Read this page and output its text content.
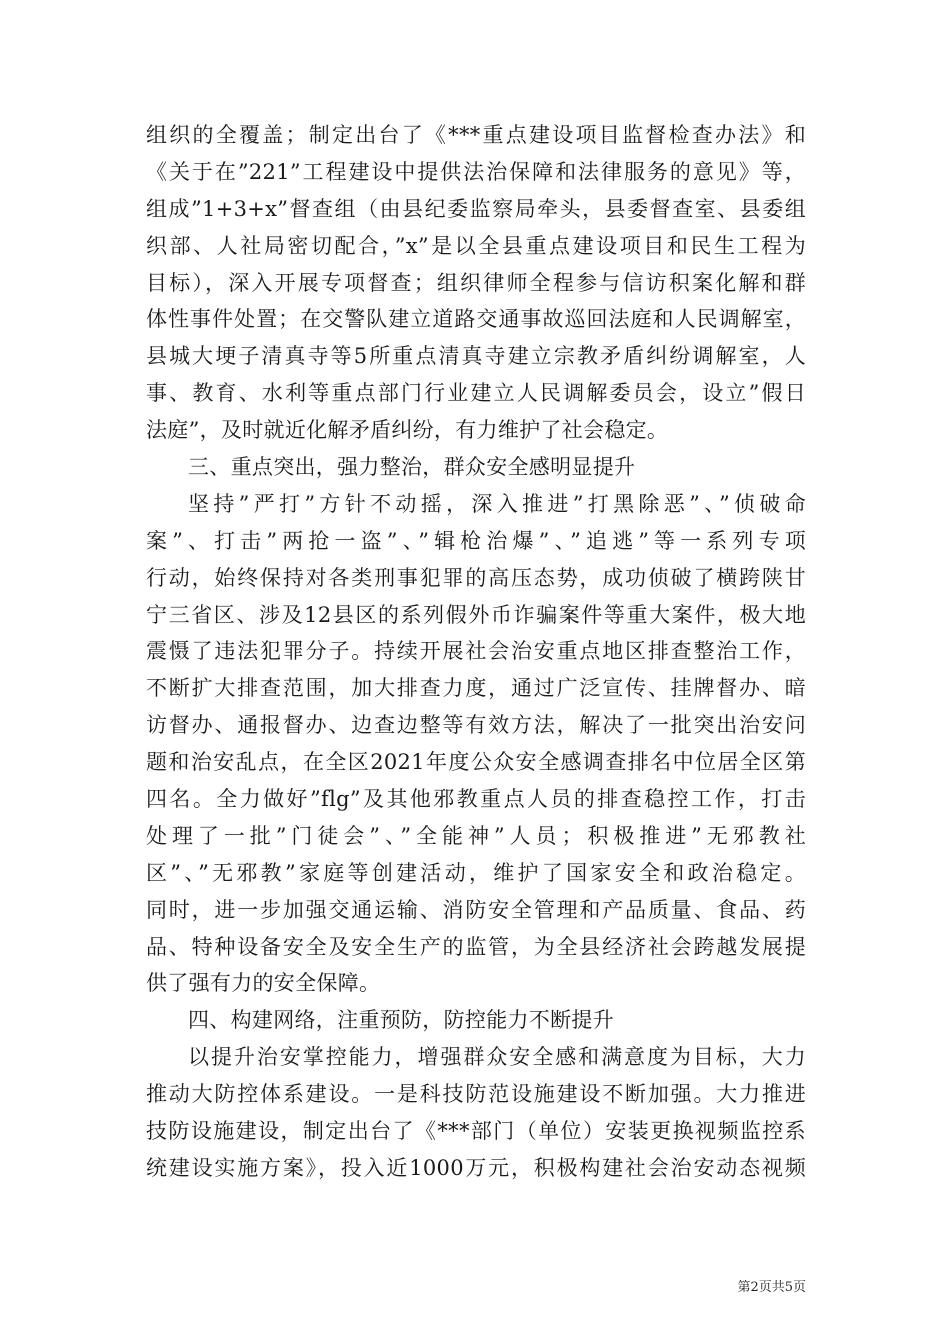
组织的全覆盖；制定出台了《***重点建设项目监督检查办法》和
《关于在”221”工程建设中提供法治保障和法律服务的意见》等，
组成”1+3+x”督查组（由县纪委监察局牵头，县委督查室、县委组
织部、人社局密切配合，”x”是以全县重点建设项目和民生工程为
目标），深入开展专项督查；组织律师全程参与信访积案化解和群
体性事件处置；在交警队建立道路交通事故巡回法庭和人民调解室，
县城大埂子清真寺等5所重点清真寺建立宗教矛盾纠纷调解室，人
事、教育、水利等重点部门行业建立人民调解委员会，设立”假日
法庭”，及时就近化解矛盾纠纷，有力维护了社会稳定。
三、重点突出，强力整治，群众安全感明显提升
坚持”严打”方针不动摇，深入推进”打黑除恶”、”侦破命
案”、打击”两抢一盗”、”辑枪治爆”、”追逃”等一系列专项
行动，始终保持对各类刑事犯罪的高压态势，成功侦破了横跨陕甘
宁三省区、涉及12县区的系列假外币诈骗案件等重大案件，极大地
震慑了违法犯罪分子。持续开展社会治安重点地区排查整治工作，
不断扩大排查范围，加大排查力度，通过广泛宣传、挂牌督办、暗
访督办、通报督办、边查边整等有效方法，解决了一批突出治安问
题和治安乱点，在全区2021年度公众安全感调查排名中位居全区第
四名。全力做好”flg”及其他邪教重点人员的排查稳控工作，打击
处理了一批”门徒会”、”全能神”人员；积极推进”无邪教社
区”、”无邪教”家庭等创建活动，维护了国家安全和政治稳定。
同时，进一步加强交通运输、消防安全管理和产品质量、食品、药
品、特种设备安全及安全生产的监管，为全县经济社会跨越发展提
供了强有力的安全保障。
四、构建网络，注重预防，防控能力不断提升
以提升治安掌控能力，增强群众安全感和满意度为目标，大力
推动大防控体系建设。一是科技防范设施建设不断加强。大力推进
技防设施建设，制定出台了《***部门（单位）安装更换视频监控系
统建设实施方案》，投入近1000万元，积极构建社会治安动态视频
第2页共5页
